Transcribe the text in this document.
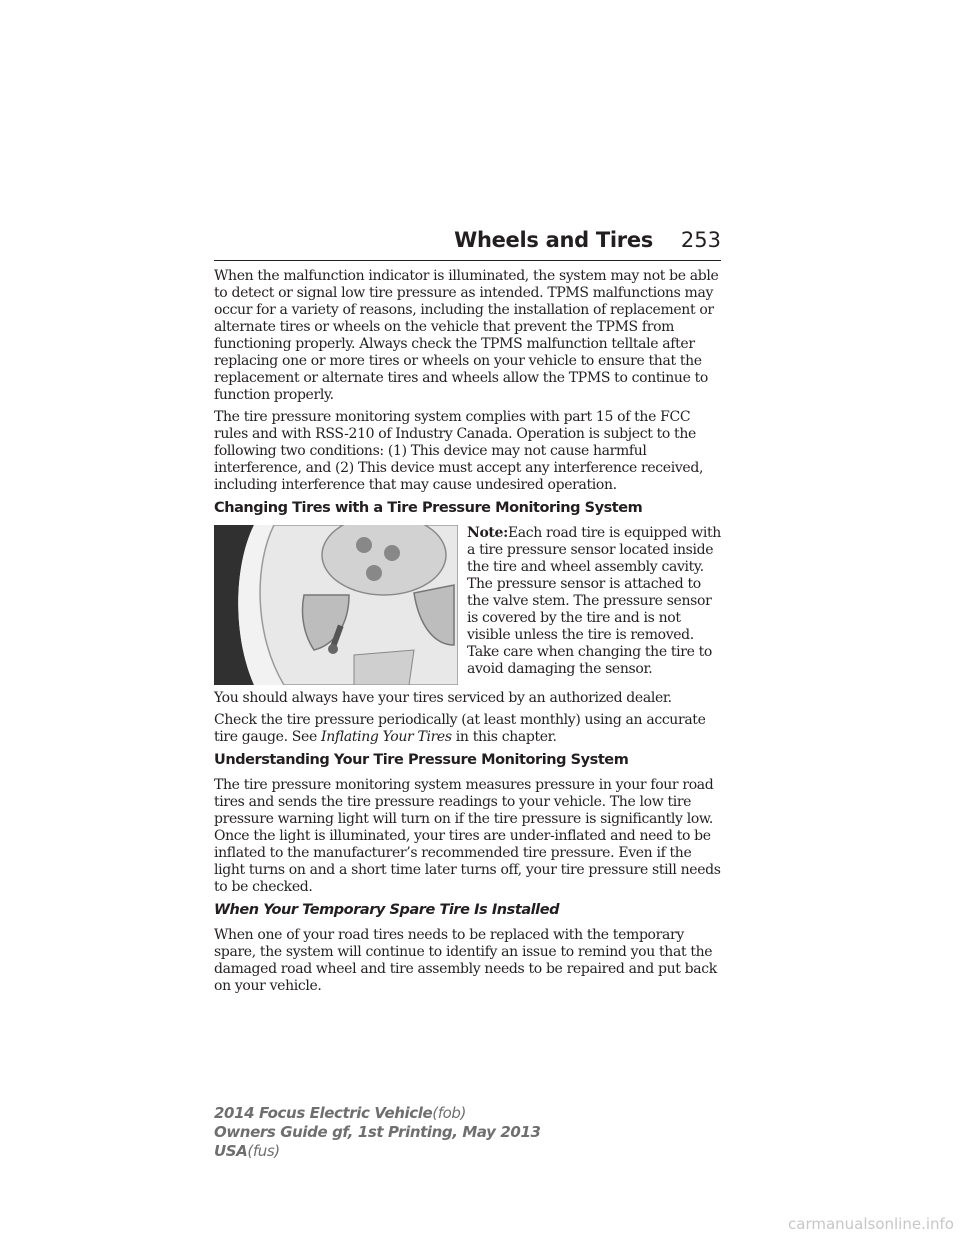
Wheels and Tires 253

When the malfunction indicator is illuminated, the system may not be able to detect or signal low tire pressure as intended. TPMS malfunctions may occur for a variety of reasons, including the installation of replacement or alternate tires or wheels on the vehicle that prevent the TPMS from functioning properly. Always check the TPMS malfunction telltale after replacing one or more tires or wheels on your vehicle to ensure that the replacement or alternate tires and wheels allow the TPMS to continue to function properly.

The tire pressure monitoring system complies with part 15 of the FCC rules and with RSS-210 of Industry Canada. Operation is subject to the following two conditions: (1) This device may not cause harmful interference, and (2) This device must accept any interference received, including interference that may cause undesired operation.

Changing Tires with a Tire Pressure Monitoring System
Note:Each road tire is equipped with a tire pressure sensor located inside the tire and wheel assembly cavity. The pressure sensor is attached to the valve stem. The pressure sensor is covered by the tire and is not visible unless the tire is removed. Take care when changing the tire to avoid damaging the sensor.

You should always have your tires serviced by an authorized dealer.

Check the tire pressure periodically (at least monthly) using an accurate tire gauge. See Inflating Your Tires in this chapter.

Understanding Your Tire Pressure Monitoring System

The tire pressure monitoring system measures pressure in your four road tires and sends the tire pressure readings to your vehicle. The low tire pressure warning light will turn on if the tire pressure is significantly low. Once the light is illuminated, your tires are under-inflated and need to be inflated to the manufacturer’s recommended tire pressure. Even if the light turns on and a short time later turns off, your tire pressure still needs to be checked.

When Your Temporary Spare Tire Is Installed

When one of your road tires needs to be replaced with the temporary spare, the system will continue to identify an issue to remind you that the damaged road wheel and tire assembly needs to be repaired and put back on your vehicle.

2014 Focus Electric Vehicle(fob)
Owners Guide gf, 1st Printing, May 2013
USA(fus)
carmanualsonline.info
